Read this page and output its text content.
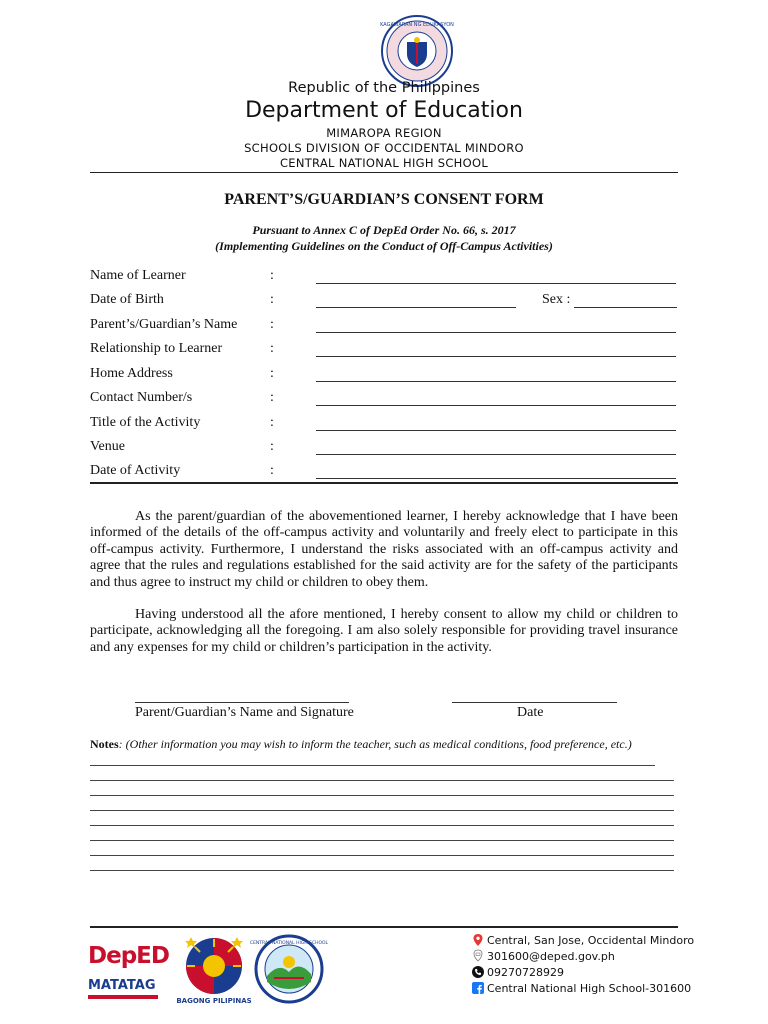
KAGAWARAN NG EDUKASYON
Republic of the Philippines
Department of Education
MIMAROPA REGION
SCHOOLS DIVISION OF OCCIDENTAL MINDORO
CENTRAL NATIONAL HIGH SCHOOL
PARENT’S/GUARDIAN’S CONSENT FORM
Pursuant to Annex C of DepEd Order No. 66, s. 2017
(Implementing Guidelines on the Conduct of Off-Campus Activities)
Name of Learner	:
Date of Birth	:	Sex :
Parent’s/Guardian’s Name :
Relationship to Learner	:
Home Address	:
Contact Number/s	:
Title of the Activity	:
Venue	:
Date of Activity	:
As the parent/guardian of the abovementioned learner, I hereby acknowledge that I have been informed of the details of the off-campus activity and voluntarily and freely elect to participate in this off-campus activity. Furthermore, I understand the risks associated with an off-campus activity and agree that the rules and regulations established for the said activity are for the safety of the participants and thus agree to instruct my child or children to obey them.
Having understood all the afore mentioned, I hereby consent to allow my child or children to participate, acknowledging all the foregoing. I am also solely responsible for providing travel insurance and any expenses for my child or children’s participation in the activity.
Parent/Guardian’s Name and Signature	Date
Notes: (Other information you may wish to inform the teacher, such as medical conditions, food preference, etc.)
DepED
MATATAG
BAGONG PILIPINAS
CENTRAL NATIONAL HIGH SCHOOL	Central, San Jose, Occidental Mindoro
301600@deped.gov.ph
09270728929
Central National High School-301600
